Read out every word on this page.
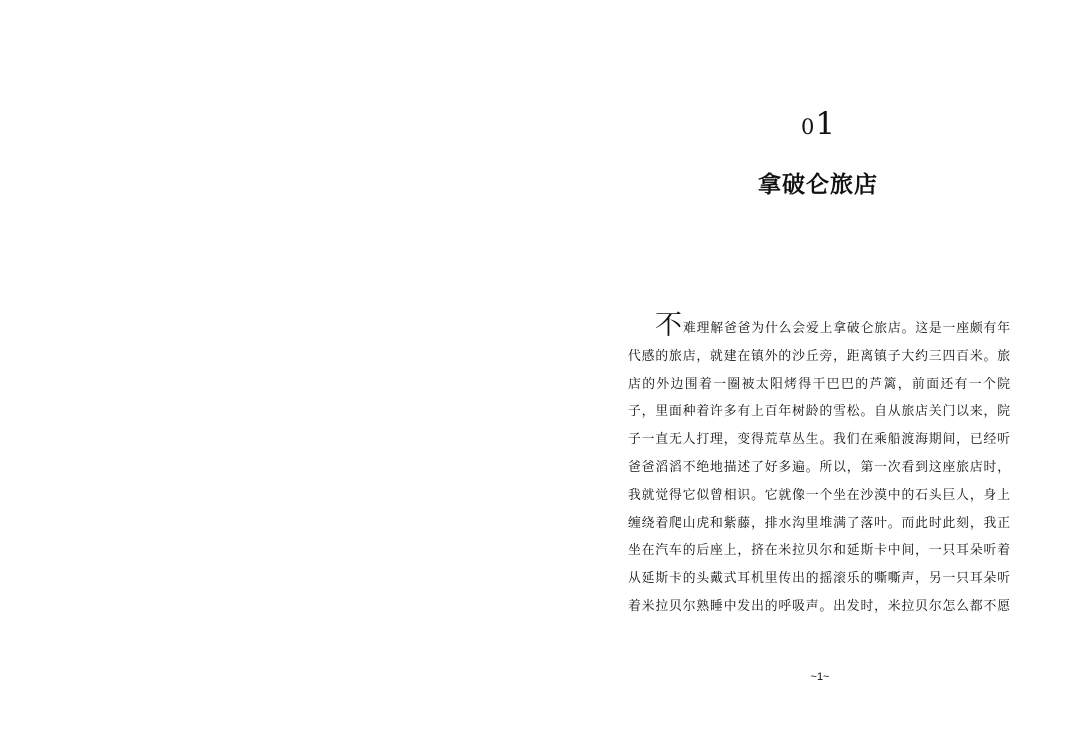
01
拿破仑旅店
不 难理解爸爸为什么会爱上拿破仑旅店。这是一座颇有年
代感的旅店，就建在镇外的沙丘旁，距离镇子大约三四百米。旅
店的外边围着一圈被太阳烤得干巴巴的芦篱，前面还有一个院
子，里面种着许多有上百年树龄的雪松。自从旅店关门以来，院
子一直无人打理，变得荒草丛生。我们在乘船渡海期间，已经听
爸爸滔滔不绝地描述了好多遍。所以，第一次看到这座旅店时，
我就觉得它似曾相识。它就像一个坐在沙漠中的石头巨人，身上
缠绕着爬山虎和紫藤，排水沟里堆满了落叶。而此时此刻，我正
坐在汽车的后座上，挤在米拉贝尔和延斯卡中间，一只耳朵听着
从延斯卡的头戴式耳机里传出的摇滚乐的嘶嘶声，另一只耳朵听
着米拉贝尔熟睡中发出的呼吸声。出发时，米拉贝尔怎么都不愿
~1~
